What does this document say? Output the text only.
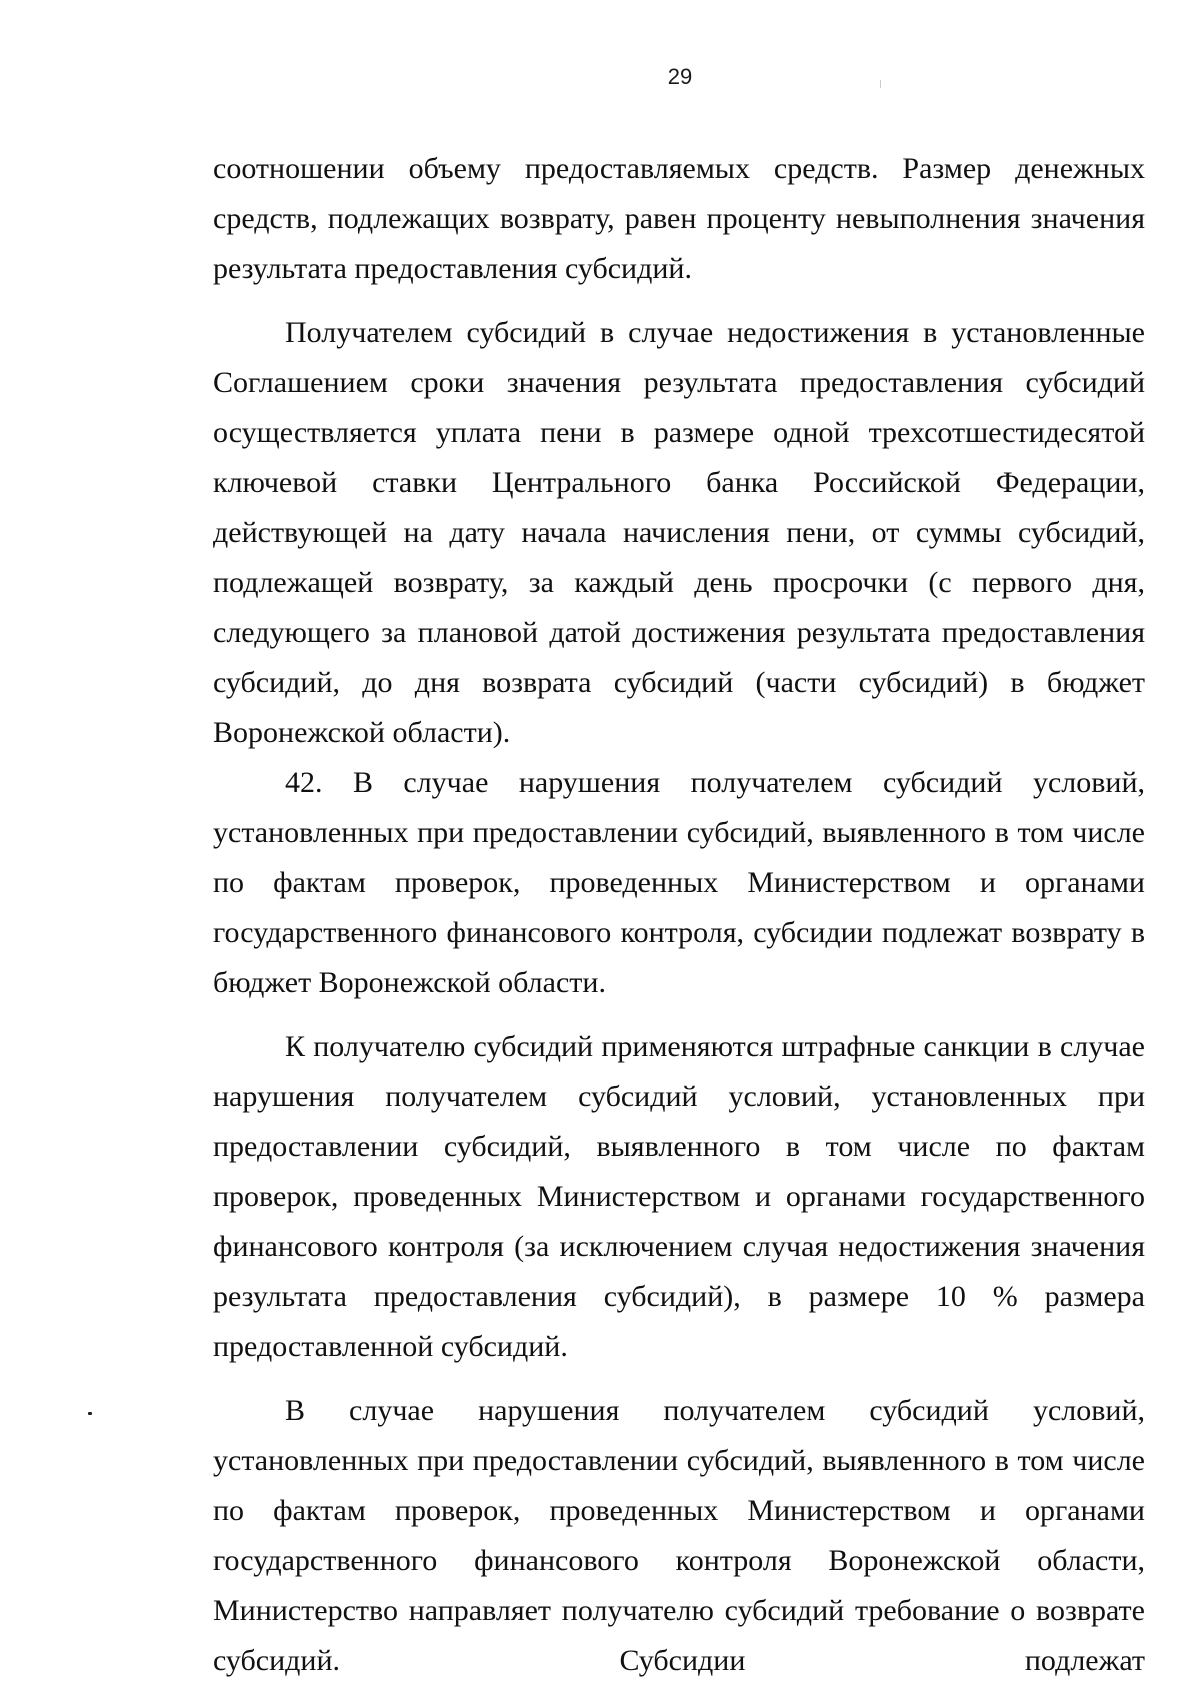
29

соотношении объему предоставляемых средств. Размер денежных средств, подлежащих возврату, равен проценту невыполнения значения результата предоставления субсидий.

Получателем субсидий в случае недостижения в установленные Соглашением сроки значения результата предоставления субсидий осуществляется уплата пени в размере одной трехсотшестидесятой ключевой ставки Центрального банка Российской Федерации, действующей на дату начала начисления пени, от суммы субсидий, подлежащей возврату, за каждый день просрочки (с первого дня, следующего за плановой датой достижения результата предоставления субсидий, до дня возврата субсидий (части субсидий) в бюджет Воронежской области).

42. В случае нарушения получателем субсидий условий, установленных при предоставлении субсидий, выявленного в том числе по фактам проверок, проведенных Министерством и органами государственного финансового контроля, субсидии подлежат возврату в бюджет Воронежской области.

К получателю субсидий применяются штрафные санкции в случае нарушения получателем субсидий условий, установленных при предоставлении субсидий, выявленного в том числе по фактам проверок, проведенных Министерством и органами государственного финансового контроля (за исключением случая недостижения значения результата предоставления субсидий), в размере 10 % размера предоставленной субсидий.

В случае нарушения получателем субсидий условий, установленных при предоставлении субсидий, выявленного в том числе по фактам проверок, проведенных Министерством и органами государственного финансового контроля Воронежской области, Министерство направляет получателю субсидий требование о возврате субсидий. Субсидии подлежат
